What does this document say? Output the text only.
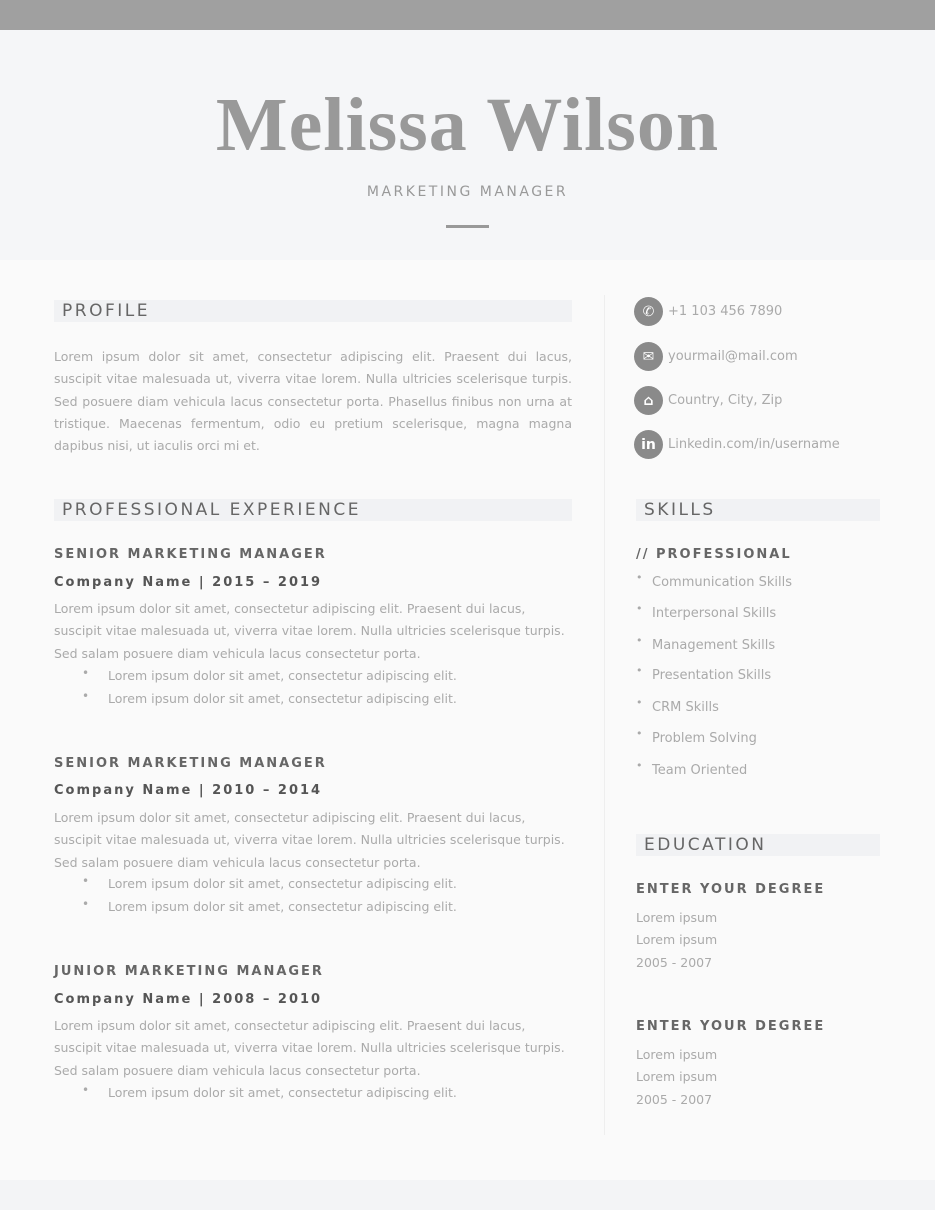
Melissa Wilson
MARKETING MANAGER
PROFILE
Lorem ipsum dolor sit amet, consectetur adipiscing elit. Praesent dui lacus, suscipit vitae malesuada ut, viverra vitae lorem. Nulla ultricies scelerisque turpis. Sed posuere diam vehicula lacus consectetur porta. Phasellus finibus non urna at tristique. Maecenas fermentum, odio eu pretium scelerisque, magna magna dapibus nisi, ut iaculis orci mi et.
PROFESSIONAL EXPERIENCE
SENIOR MARKETING MANAGER
Company Name | 2015 – 2019
Lorem ipsum dolor sit amet, consectetur adipiscing elit. Praesent dui lacus, suscipit vitae malesuada ut, viverra vitae lorem. Nulla ultricies scelerisque turpis. Sed salam posuere diam vehicula lacus consectetur porta.
• Lorem ipsum dolor sit amet, consectetur adipiscing elit.
• Lorem ipsum dolor sit amet, consectetur adipiscing elit.
SENIOR MARKETING MANAGER
Company Name | 2010 – 2014
Lorem ipsum dolor sit amet, consectetur adipiscing elit. Praesent dui lacus, suscipit vitae malesuada ut, viverra vitae lorem. Nulla ultricies scelerisque turpis. Sed salam posuere diam vehicula lacus consectetur porta.
• Lorem ipsum dolor sit amet, consectetur adipiscing elit.
• Lorem ipsum dolor sit amet, consectetur adipiscing elit.
JUNIOR MARKETING MANAGER
Company Name | 2008 – 2010
Lorem ipsum dolor sit amet, consectetur adipiscing elit. Praesent dui lacus, suscipit vitae malesuada ut, viverra vitae lorem. Nulla ultricies scelerisque turpis. Sed salam posuere diam vehicula lacus consectetur porta.
• Lorem ipsum dolor sit amet, consectetur adipiscing elit.
✆	+1 103 456 7890
✉	yourmail@mail.com
⌂	Country, City, Zip
in Linkedin.com/in/username
SKILLS
// PROFESSIONAL
• Communication Skills
• Interpersonal Skills
• Management Skills
• Presentation Skills
• CRM Skills
• Problem Solving
• Team Oriented
EDUCATION
ENTER YOUR DEGREE
Lorem ipsum
Lorem ipsum
2005 - 2007
ENTER YOUR DEGREE
Lorem ipsum
Lorem ipsum
2005 - 2007
